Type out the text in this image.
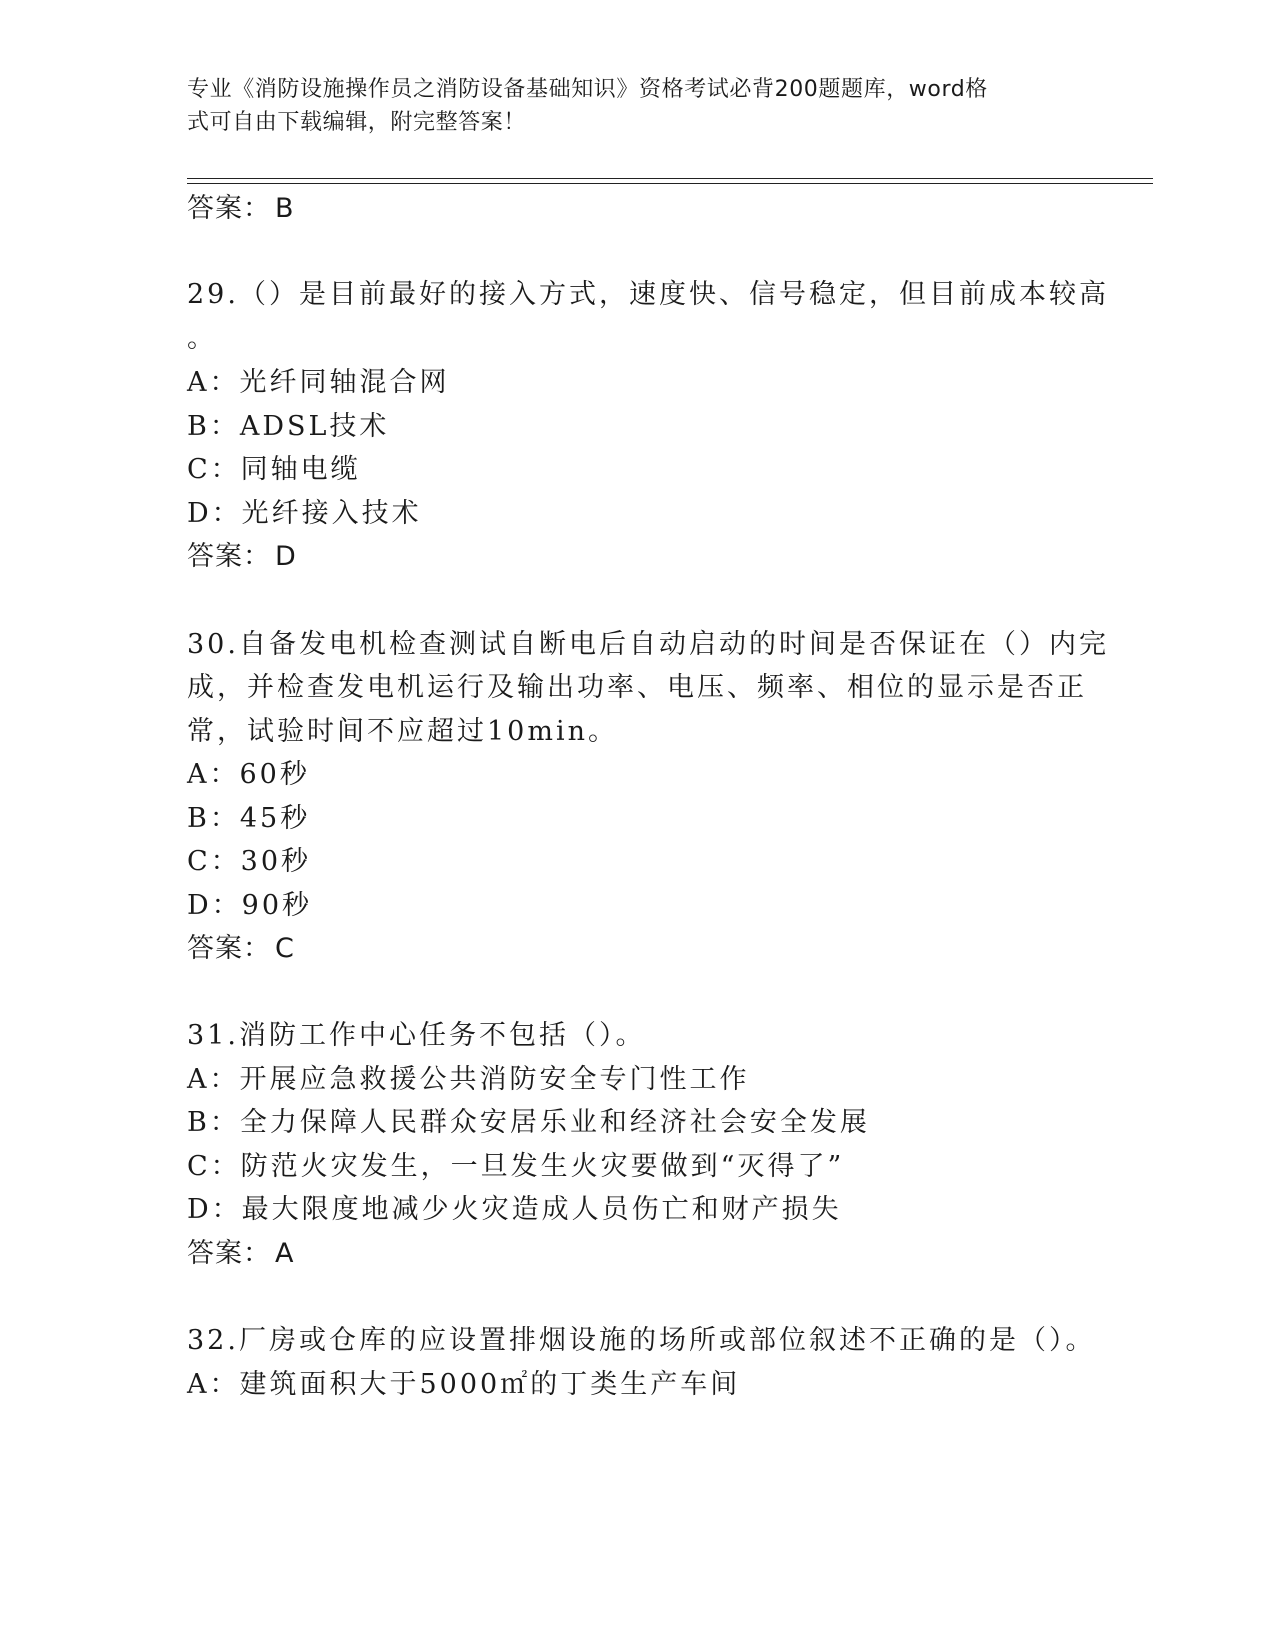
专业《消防设施操作员之消防设备基础知识》资格考试必背200题题库，word格
式可自由下载编辑，附完整答案！
答案： B
29.（）是目前最好的接入方式，速度快、信号稳定，但目前成本较高
。
A：光纤同轴混合网
B：ADSL技术
C：同轴电缆
D：光纤接入技术
答案： D
30.自备发电机检查测试自断电后自动启动的时间是否保证在（）内完
成，并检查发电机运行及输出功率、电压、频率、相位的显示是否正
常，试验时间不应超过10min。
A：60秒
B：45秒
C：30秒
D：90秒
答案： C
31.消防工作中心任务不包括（）。
A：开展应急救援公共消防安全专门性工作
B：全力保障人民群众安居乐业和经济社会安全发展
C：防范火灾发生，一旦发生火灾要做到“灭得了”
D：最大限度地减少火灾造成人员伤亡和财产损失
答案： A
32.厂房或仓库的应设置排烟设施的场所或部位叙述不正确的是（）。
A：建筑面积大于5000㎡的丁类生产车间
